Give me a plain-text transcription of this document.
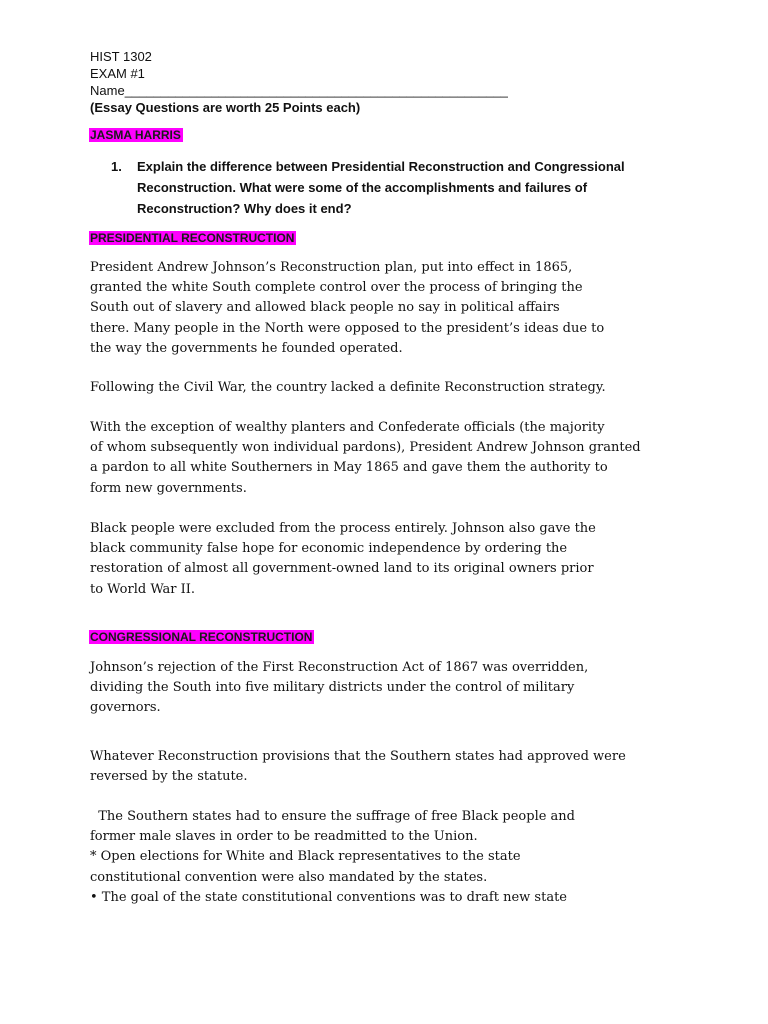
HIST 1302
EXAM #1
Name_____________________________________________________
(Essay Questions are worth 25 Points each)
JASMA HARRIS
1. Explain the difference between Presidential Reconstruction and Congressional
Reconstruction. What were some of the accomplishments and failures of
Reconstruction? Why does it end?
PRESIDENTIAL RECONSTRUCTION
President Andrew Johnson’s Reconstruction plan, put into effect in 1865,
granted the white South complete control over the process of bringing the
South out of slavery and allowed black people no say in political affairs
there. Many people in the North were opposed to the president’s ideas due to
the way the governments he founded operated.
Following the Civil War, the country lacked a definite Reconstruction strategy.
With the exception of wealthy planters and Confederate officials (the majority
of whom subsequently won individual pardons), President Andrew Johnson granted
a pardon to all white Southerners in May 1865 and gave them the authority to
form new governments.
Black people were excluded from the process entirely. Johnson also gave the
black community false hope for economic independence by ordering the
restoration of almost all government-owned land to its original owners prior
to World War II.
CONGRESSIONAL RECONSTRUCTION
Johnson’s rejection of the First Reconstruction Act of 1867 was overridden,
dividing the South into five military districts under the control of military
governors.
Whatever Reconstruction provisions that the Southern states had approved were
reversed by the statute.
The Southern states had to ensure the suffrage of free Black people and
former male slaves in order to be readmitted to the Union.
* Open elections for White and Black representatives to the state
constitutional convention were also mandated by the states.
• The goal of the state constitutional conventions was to draft new state
